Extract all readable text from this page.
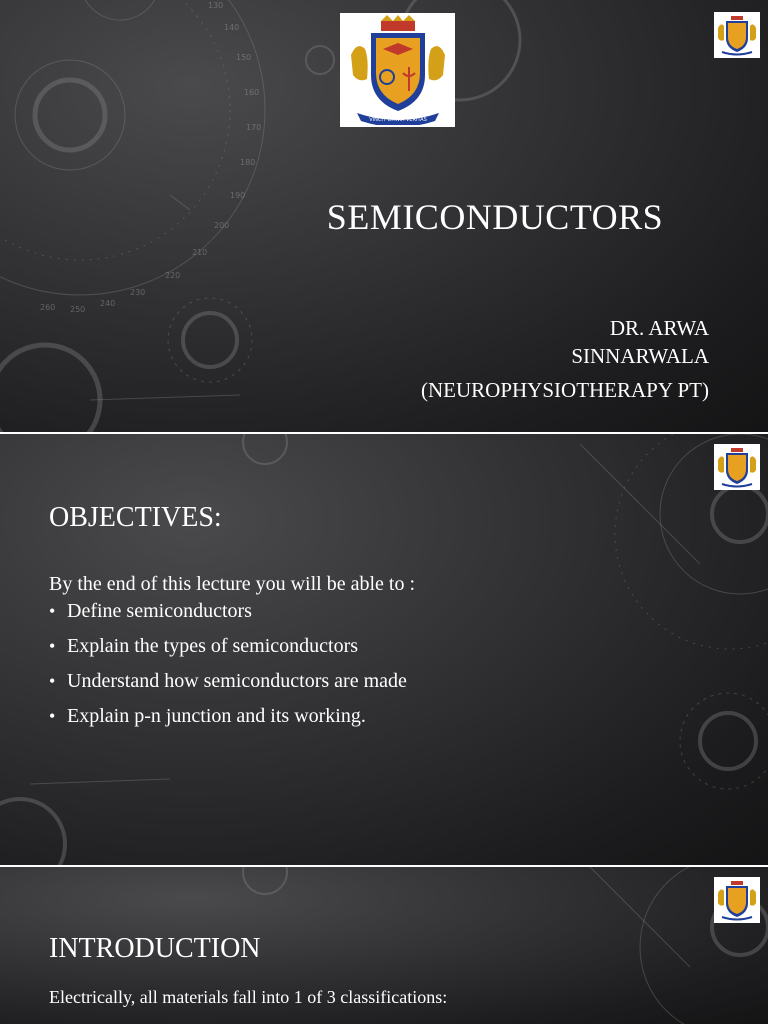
260 250
240
230
220
210
200
190
180
170
160
150
140
130
VINCIT OMNIA VERITAS
SEMICONDUCTORS
DR. ARWA
SINNARWALA
(NEUROPHYSIOTHERAPY PT)
OBJECTIVES:

By the end of this lecture you will be able to :

• Define semiconductors
• Explain the types of semiconductors
• Understand how semiconductors are made
• Explain p-n junction and its working.
INTRODUCTION

Electrically, all materials fall into 1 of 3 classifications:
